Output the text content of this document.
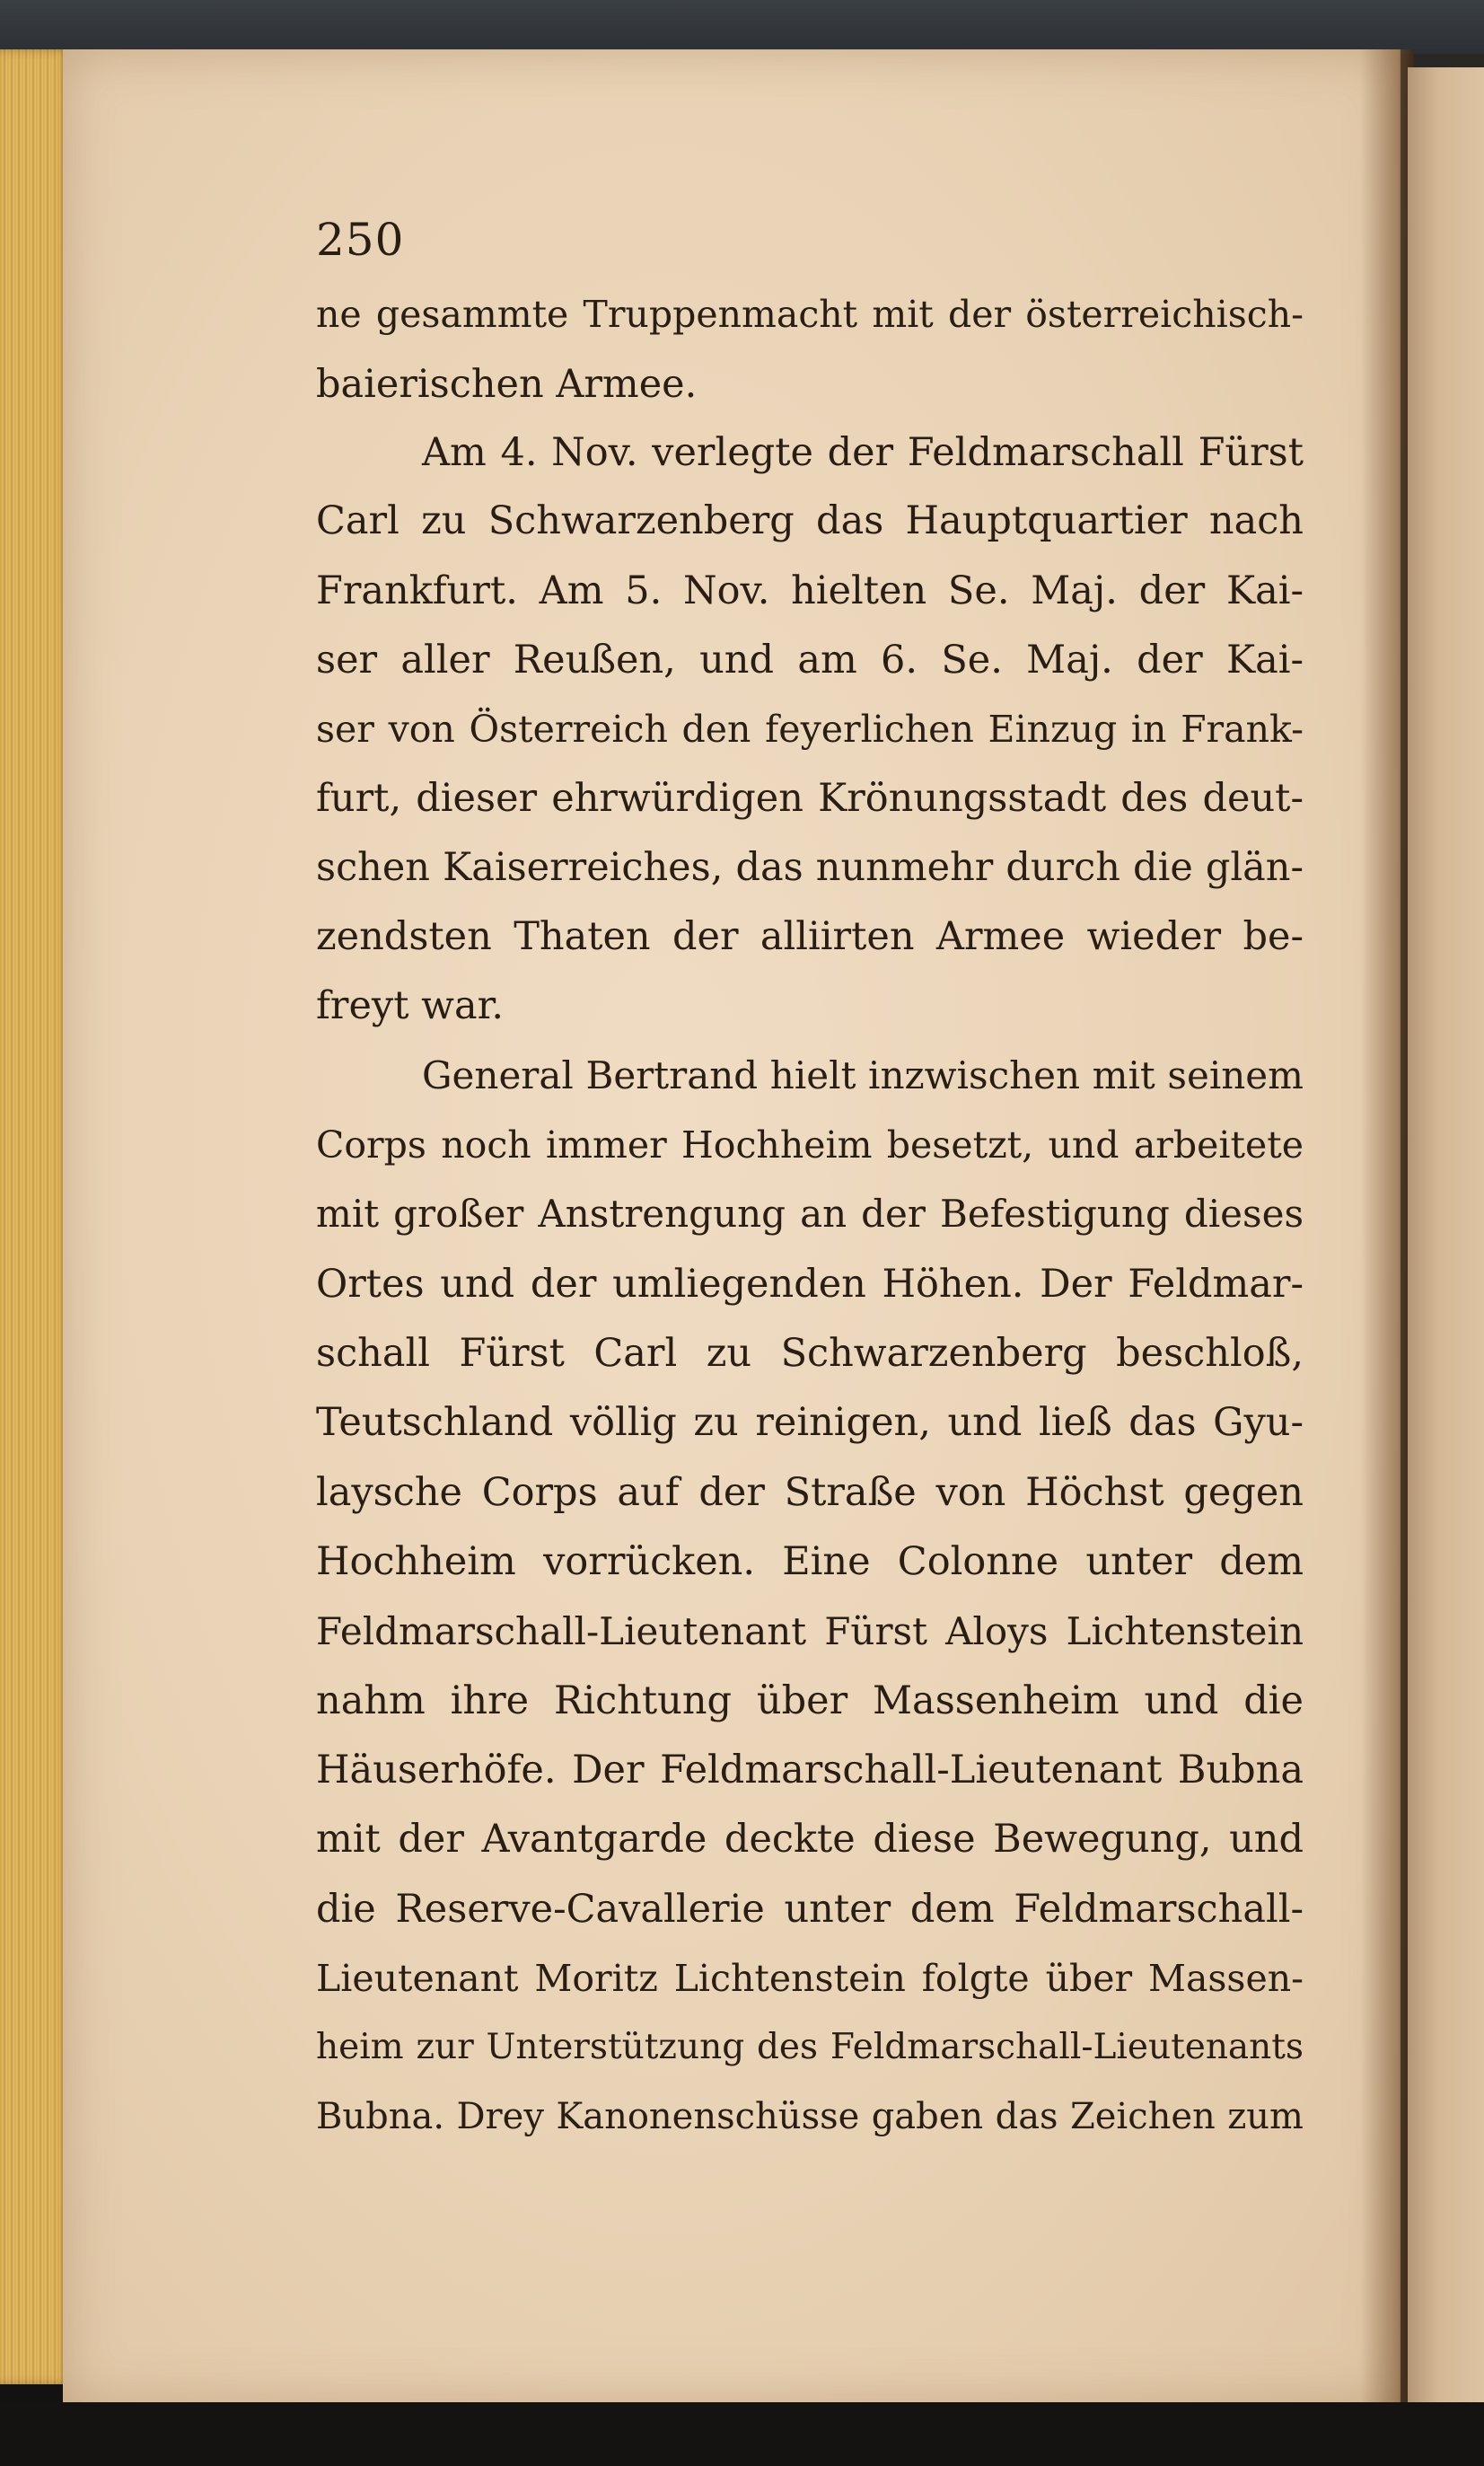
250
ne gesammte Truppenmacht mit der österreichisch-
baierischen Armee.
Am 4. Nov. verlegte der Feldmarschall Fürst
Carl zu Schwarzenberg das Hauptquartier nach
Frankfurt. Am 5. Nov. hielten Se. Maj. der Kai-
ser aller Reußen, und am 6. Se. Maj. der Kai-
ser von Österreich den feyerlichen Einzug in Frank-
furt, dieser ehrwürdigen Krönungsstadt des deut-
schen Kaiserreiches, das nunmehr durch die glän-
zendsten Thaten der alliirten Armee wieder be-
freyt war.
General Bertrand hielt inzwischen mit seinem
Corps noch immer Hochheim besetzt, und arbeitete
mit großer Anstrengung an der Befestigung dieses
Ortes und der umliegenden Höhen. Der Feldmar-
schall Fürst Carl zu Schwarzenberg beschloß,
Teutschland völlig zu reinigen, und ließ das Gyu-
laysche Corps auf der Straße von Höchst gegen
Hochheim vorrücken. Eine Colonne unter dem
Feldmarschall-Lieutenant Fürst Aloys Lichtenstein
nahm ihre Richtung über Massenheim und die
Häuserhöfe. Der Feldmarschall-Lieutenant Bubna
mit der Avantgarde deckte diese Bewegung, und
die Reserve-Cavallerie unter dem Feldmarschall-
Lieutenant Moritz Lichtenstein folgte über Massen-
heim zur Unterstützung des Feldmarschall-Lieutenants
Bubna. Drey Kanonenschüsse gaben das Zeichen zum
